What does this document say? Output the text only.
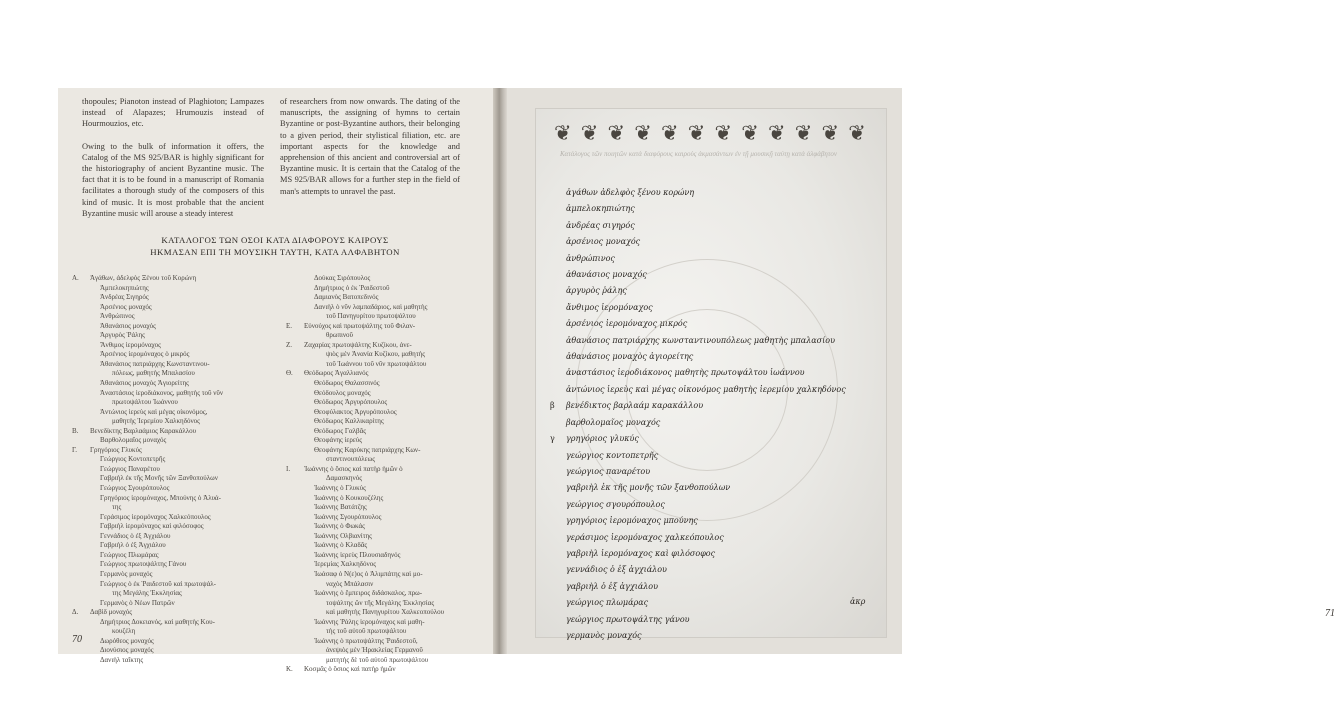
thopoules; Pianoton instead of Plaghioton; Lampazes instead of Alapazes; Hrumouzis instead of Hourmouzios, etc.

Owing to the bulk of information it offers, the Catalog of the MS 925/BAR is highly significant for the historiography of ancient Byzantine music. The fact that it is to be found in a manuscript of Romania facilitates a thorough study of the composers of this kind of music. It is most probable that the ancient Byzantine music will arouse a steady interest

of researchers from now onwards. The dating of the manuscripts, the assigning of hymns to certain Byzantine or post-Byzantine authors, their belonging to a given period, their stylistical filiation, etc. are important aspects for the knowledge and apprehension of this ancient and controversial art of Byzantine music. It is certain that the Catalog of the MS 925/BAR allows for a further step in the field of man's attempts to unravel the past.

ΚΑΤΑΛΟΓΟΣ ΤΩΝ ΟΣΟΙ ΚΑΤΑ ΔΙΑΦΟΡΟΥΣ ΚΑΙΡΟΥΣ
ΗΚΜΑΣΑΝ ΕΠΙ ΤΗ ΜΟΥΣΙΚΗ ΤΑΥΤΗ, ΚΑΤΑ ΑΛΦΑΒΗΤΟΝ
Α. Ἀγάθων, ἀδελφὸς Ξένου τοῦ Κορώνη
Ἀμπελοκηπιώτης
Ἀνδρέας Σιγηρός
Ἀρσένιος μοναχός
Ἀνθρώπινος
Ἀθανάσιος μοναχός
Ἀργυρὸς Ῥάλης
Ἄνθιμος ἱερομόναχος
Ἀρσένιος ἱερομόναχος ὁ μικρός
Ἀθανάσιος πατριάρχης Κωνσταντινου-
πόλεως, μαθητὴς Μπαλασίου
Ἀθανάσιος μοναχὸς Ἀγιορείτης
Ἀναστάσιος ἱεροδιάκονος, μαθητὴς τοῦ νῦν
πρωτοψάλτου Ἰωάννου
Ἀντώνιος ἱερεὺς καὶ μέγας οἰκονόμος,
μαθητὴς Ἰερεμίου Χαλκηδόνος
Β. Βενεδίκτης Βαρλαάμιος Καρακάλλου
Βαρθολομαῖος μοναχός
Γ. Γρηγόριος Γλυκύς
Γεώργιος Κοντοπετρῆς
Γεώργιος Παναρέτου
Γαβριὴλ ἐκ τῆς Μονῆς τῶν Ξανθοπούλων
Γεώργιος Σγουρόπουλος
Γρηγόριος ἱερομόναχος, Μπούνης ὁ Ἀλυά-
της
Γεράσιμος ἱερομόναχος Χαλκεόπουλος
Γαβριὴλ ἱερομόναχος καὶ φιλόσοφος
Γεννάδιος ὁ ἐξ Ἀγχιάλου
Γαβριὴλ ὁ ἐξ Ἀγχιάλου
Γεώργιος Πλωμάρας
Γεώργιος πρωτοψάλτης Γάνου
Γερμανὸς μοναχός
Γεώργιος ὁ ἐκ Ῥαιδεστοῦ καὶ πρωτοψάλ-
της Μεγάλης Ἐκκλησίας
Γερμανὸς ὁ Νέων Πατρῶν
Δ. Δαβὶδ μοναχός
Δημήτριος Δοκειανός, καὶ μαθητὴς Κου-
κουζέλη
Δωρόθεος μοναχός
Διονύσιος μοναχός
Δανιὴλ ταῖκτης
Δούκας Σιρόπουλος
Δημήτριος ὁ ἐκ Ῥαιδεστοῦ
Δαμιανὸς Βατοπεδινός
Δανιὴλ ὁ νῦν λαμπαδάριος, καὶ μαθητὴς
τοῦ Πανηγυρίτου πρωτοψάλτου
Ε. Εὐνούχος καὶ πρωτοψάλτης τοῦ Φιλαν-
θρωπινοῦ
Ζ. Ζαχαρίας πρωτοψάλτης Κυζίκου, ἀνε-
ψιὸς μὲν Ἀνανία Κυζίκου, μαθητὴς
τοῦ Ἰωάννου τοῦ νῦν πρωτοψάλτου
Θ. Θεόδωρος Ἀγαλλιανός
Θεόδωρος Θαλασσινός
Θεόδουλος μοναχός
Θεόδωρος Ἀργυρόπουλος
Θεοφύλακτος Ἀργυρόπουλος
Θεόδωρος Καλλικαρίτης
Θεόδωρος Γαλβᾶς
Θεοφάνης ἱερεύς
Θεοφάνης Καρύκης πατριάρχης Κων-
σταντινουπόλεως
Ι. Ἰωάννης ὁ ὅσιος καὶ πατὴρ ἡμῶν ὁ
Δαμασκηνός
Ἰωάννης ὁ Γλυκύς
Ἰωάννης ὁ Κουκουζέλης
Ἰωάννης Βατάτζης
Ἰωάννης Σγουρόπουλος
Ἰωάννης ὁ Φωκάς
Ἰωάννης Ολβιανίτης
Ἰωάννης ὁ Κλαδᾶς
Ἰωάννης ἱερεὺς Πλουσιαδηνός
Ἰερεμίας Χαλκηδόνος
Ἰωάσαφ ὁ Ν(ε)ος ὁ Ἀλιμπάτης καὶ μο-
ναχὸς Μπάλασιν
Ἰωάννης ὁ ἔμπειρος διδάσκαλος, πρω-
τοψάλτης ὢν τῆς Μεγάλης Ἐκκλησίας
καὶ μαθητὴς Πανηγυρίτου Χαλκεοπούλου
Ἰωάννης Ῥάλης ἱερομόναχος καὶ μαθη-
τὴς τοῦ αὐτοῦ πρωτοψάλτου
Ἰωάννης ὁ πρωτοψάλτης Ῥαιδεστοῦ,
ἀνεψιὸς μὲν Ἠρακλείας Γερμανοῦ
ματητὴς δὲ τοῦ αὐτοῦ πρωτοψάλτου
Κ. Κοσμᾶς ὁ ὅσιος καὶ πατὴρ ἡμῶν
70
71
❦ ❦ ❦ ❦ ❦ ❦ ❦ ❦ ❦ ❦ ❦ ❦
Κατάλογος τῶν ποιητῶν κατὰ διαφόρους καιροὺς ἀκμασάντων ἐν τῇ μουσικῇ ταύτῃ κατὰ ἀλφάβητον
ἀγάθων ἀδελφὸς ξένου κορώνη
ἀμπελοκηπιώτης
ἀνδρέας σιγηρός
ἀρσένιος μοναχός
ἀνθρώπινος
ἀθανάσιος μοναχός
ἀργυρὸς ῥάλης
ἄνθιμος ἱερομόναχος
ἀρσένιος ἱερομόναχος μικρός
ἀθανάσιος πατριάρχης κωνσταντινουπόλεως μαθητὴς μπαλασίου
ἀθανάσιος μοναχὸς ἁγιορείτης
ἀναστάσιος ἱεροδιάκονος μαθητὴς πρωτοψάλτου ἰωάννου
ἀντώνιος ἱερεὺς καὶ μέγας οἰκονόμος μαθητὴς ἱερεμίου χαλκηδόνος
β βενέδικτος βαρλαάμ καρακάλλου
βαρθολομαῖος μοναχός
γ γρηγόριος γλυκύς
γεώργιος κοντοπετρῆς
γεώργιος παναρέτου
γαβριὴλ ἐκ τῆς μονῆς τῶν ξανθοπούλων
γεώργιος σγουρόπουλος
γρηγόριος ἱερομόναχος μπούνης
γεράσιμος ἱερομόναχος χαλκεόπουλος
γαβριὴλ ἱερομόναχος καὶ φιλόσοφος
γεννάδιος ὁ ἐξ ἀγχιάλου
γαβριὴλ ὁ ἐξ ἀγχιάλου
γεώργιος πλωμάρας
γεώργιος πρωτοψάλτης γάνου
γερμανὸς μοναχός
ἀκρ
